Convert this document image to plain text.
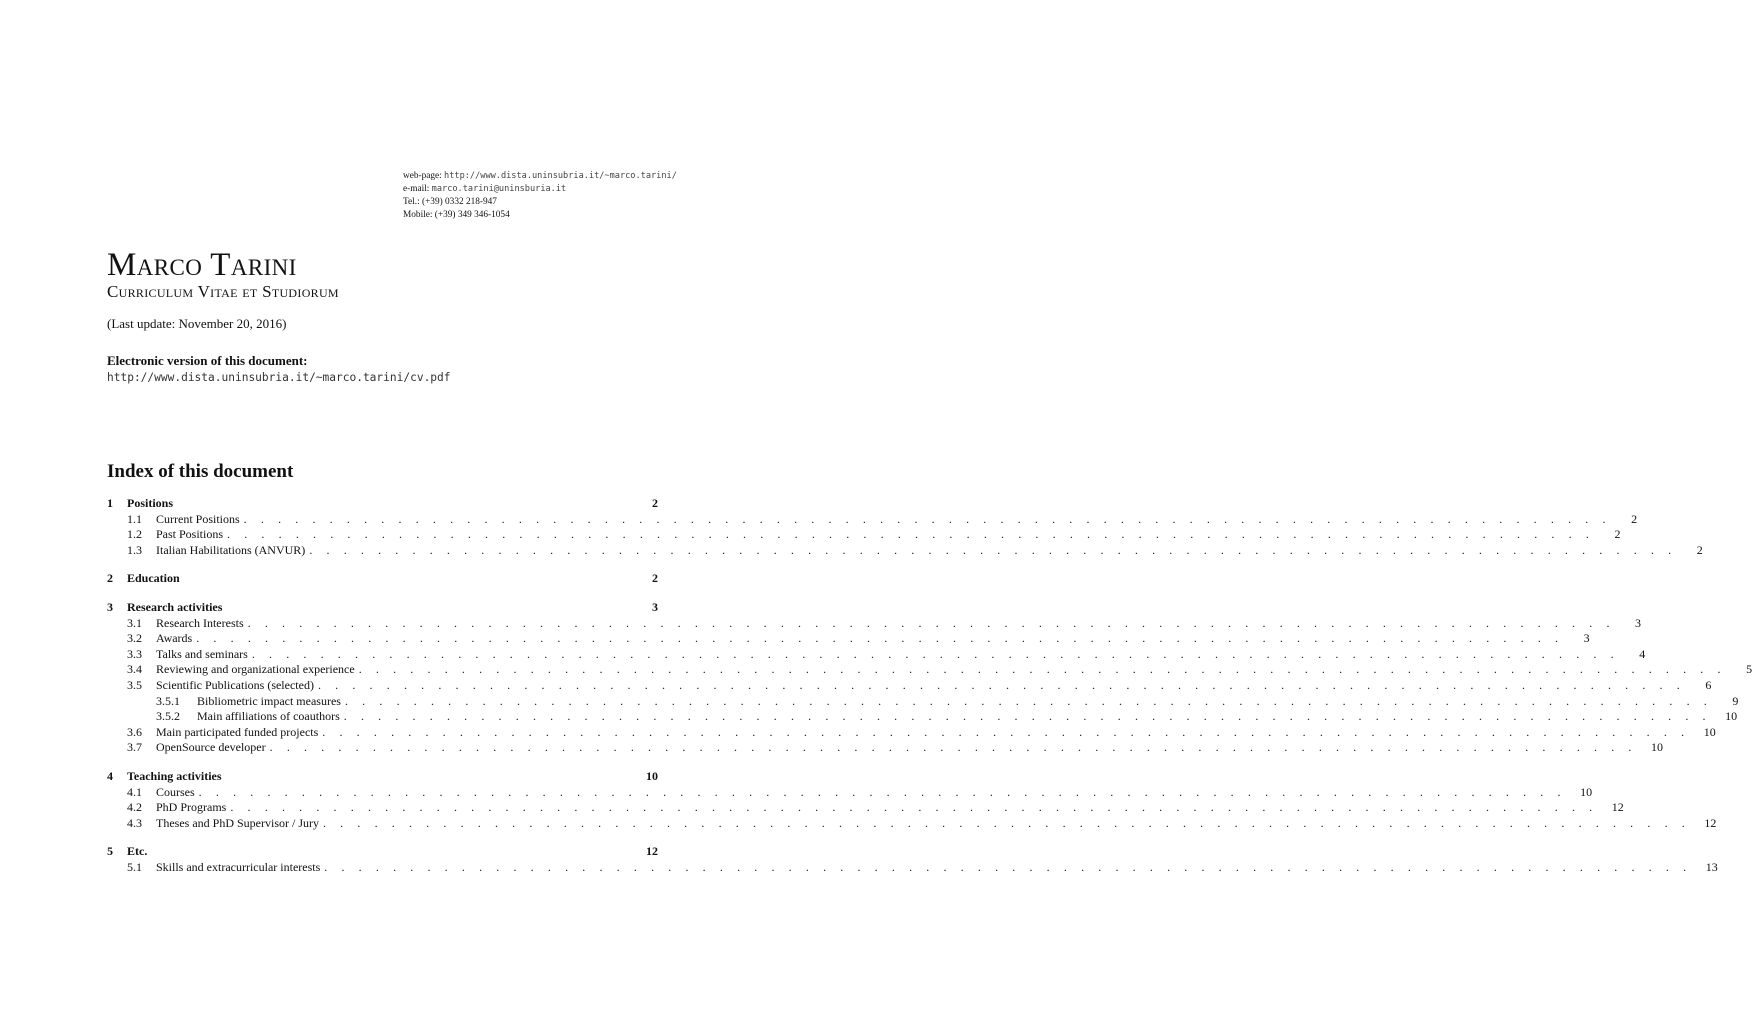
web-page: http://www.dista.uninsubria.it/~marco.tarini/
e-mail: marco.tarini@uninsburia.it
Tel.: (+39) 0332 218-947
Mobile: (+39) 349 346-1054
Marco Tarini
Curriculum Vitae et Studiorum
(Last update: November 20, 2016)
Electronic version of this document:
http://www.dista.uninsubria.it/~marco.tarini/cv.pdf
Index of this document
1	Positions	2
1.1	Current Positions . . . . . . . . . . . . . . . . . . . . . . . . . . . . . . . . . . . . . . . . . . . . . . . . . . . . . . . . . . . . . . . . . . . . . . . . . . . . . . . .	2
1.2	Past Positions . . . . . . . . . . . . . . . . . . . . . . . . . . . . . . . . . . . . . . . . . . . . . . . . . . . . . . . . . . . . . . . . . . . . . . . . . . . . . . . .	2
1.3	Italian Habilitations (ANVUR) . . . . . . . . . . . . . . . . . . . . . . . . . . . . . . . . . . . . . . . . . . . . . . . . . . . . . . . . . . . . . . . . . . . . . . . . . . . . . . . .	2
2	Education	2
3	Research activities	3
3.1	Research Interests . . . . . . . . . . . . . . . . . . . . . . . . . . . . . . . . . . . . . . . . . . . . . . . . . . . . . . . . . . . . . . . . . . . . . . . . . . . . . . . .	3
3.2	Awards . . . . . . . . . . . . . . . . . . . . . . . . . . . . . . . . . . . . . . . . . . . . . . . . . . . . . . . . . . . . . . . . . . . . . . . . . . . . . . . .	3
3.3	Talks and seminars . . . . . . . . . . . . . . . . . . . . . . . . . . . . . . . . . . . . . . . . . . . . . . . . . . . . . . . . . . . . . . . . . . . . . . . . . . . . . . . .	4
3.4	Reviewing and organizational experience . . . . . . . . . . . . . . . . . . . . . . . . . . . . . . . . . . . . . . . . . . . . . . . . . . . . . . . . . . . . . . . . . . . . . . . . . . . . . . . .	5
3.5	Scientific Publications (selected) . . . . . . . . . . . . . . . . . . . . . . . . . . . . . . . . . . . . . . . . . . . . . . . . . . . . . . . . . . . . . . . . . . . . . . . . . . . . . . . .	6
3.5.1	Bibliometric impact measures . . . . . . . . . . . . . . . . . . . . . . . . . . . . . . . . . . . . . . . . . . . . . . . . . . . . . . . . . . . . . . . . . . . . . . . . . . . . . . . .	9
3.5.2	Main affiliations of coauthors . . . . . . . . . . . . . . . . . . . . . . . . . . . . . . . . . . . . . . . . . . . . . . . . . . . . . . . . . . . . . . . . . . . . . . . . . . . . . . . .	10
3.6	Main participated funded projects . . . . . . . . . . . . . . . . . . . . . . . . . . . . . . . . . . . . . . . . . . . . . . . . . . . . . . . . . . . . . . . . . . . . . . . . . . . . . . . .	10
3.7	OpenSource developer . . . . . . . . . . . . . . . . . . . . . . . . . . . . . . . . . . . . . . . . . . . . . . . . . . . . . . . . . . . . . . . . . . . . . . . . . . . . . . . .	10
4	Teaching activities	10
4.1	Courses . . . . . . . . . . . . . . . . . . . . . . . . . . . . . . . . . . . . . . . . . . . . . . . . . . . . . . . . . . . . . . . . . . . . . . . . . . . . . . . .	10
4.2	PhD Programs . . . . . . . . . . . . . . . . . . . . . . . . . . . . . . . . . . . . . . . . . . . . . . . . . . . . . . . . . . . . . . . . . . . . . . . . . . . . . . . .	12
4.3	Theses and PhD Supervisor / Jury . . . . . . . . . . . . . . . . . . . . . . . . . . . . . . . . . . . . . . . . . . . . . . . . . . . . . . . . . . . . . . . . . . . . . . . . . . . . . . . .	12
5	Etc.	12
5.1	Skills and extracurricular interests . . . . . . . . . . . . . . . . . . . . . . . . . . . . . . . . . . . . . . . . . . . . . . . . . . . . . . . . . . . . . . . . . . . . . . . . . . . . . . . .	13
